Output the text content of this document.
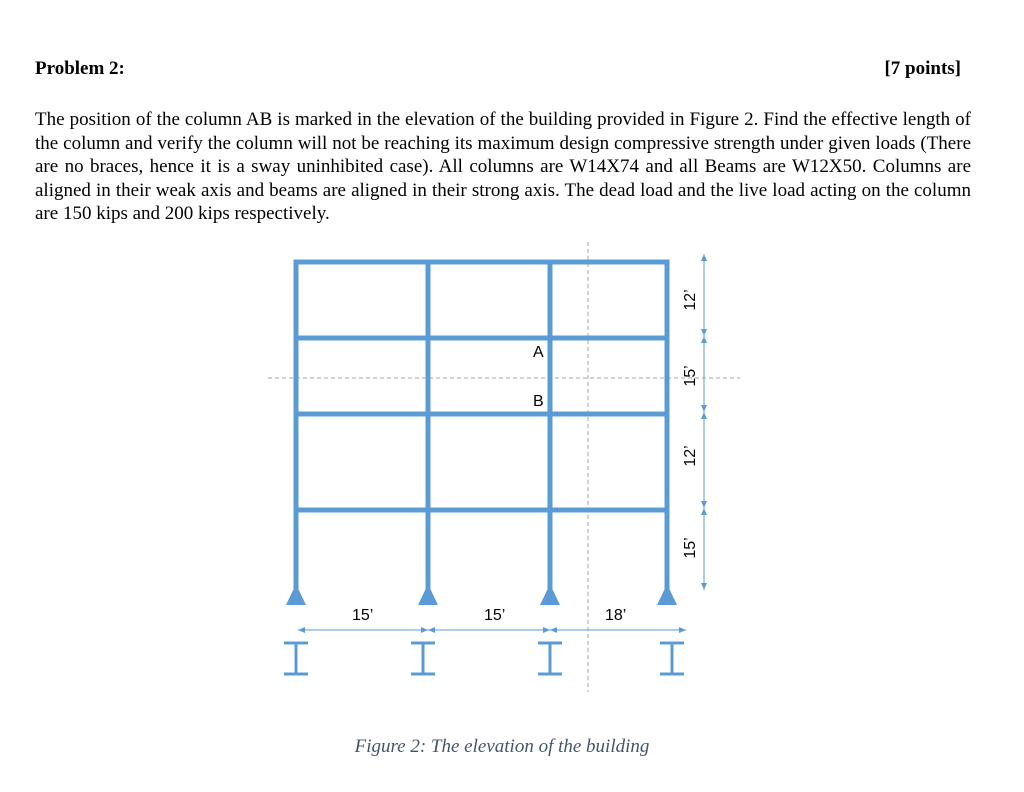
Problem 2:	[7 points]

The position of the column AB is marked in the elevation of the building provided in Figure 2. Find the effective length of the column and verify the column will not be reaching its maximum design compressive strength under given loads (There are no braces, hence it is a sway uninhibited case). All columns are W14X74 and all Beams are W12X50. Columns are aligned in their weak axis and beams are aligned in their strong axis. The dead load and the live load acting on the column are 150 kips and 200 kips respectively.

A
B
15’	15’	18’
12’
15’
12’
15’
Figure 2: The elevation of the building
